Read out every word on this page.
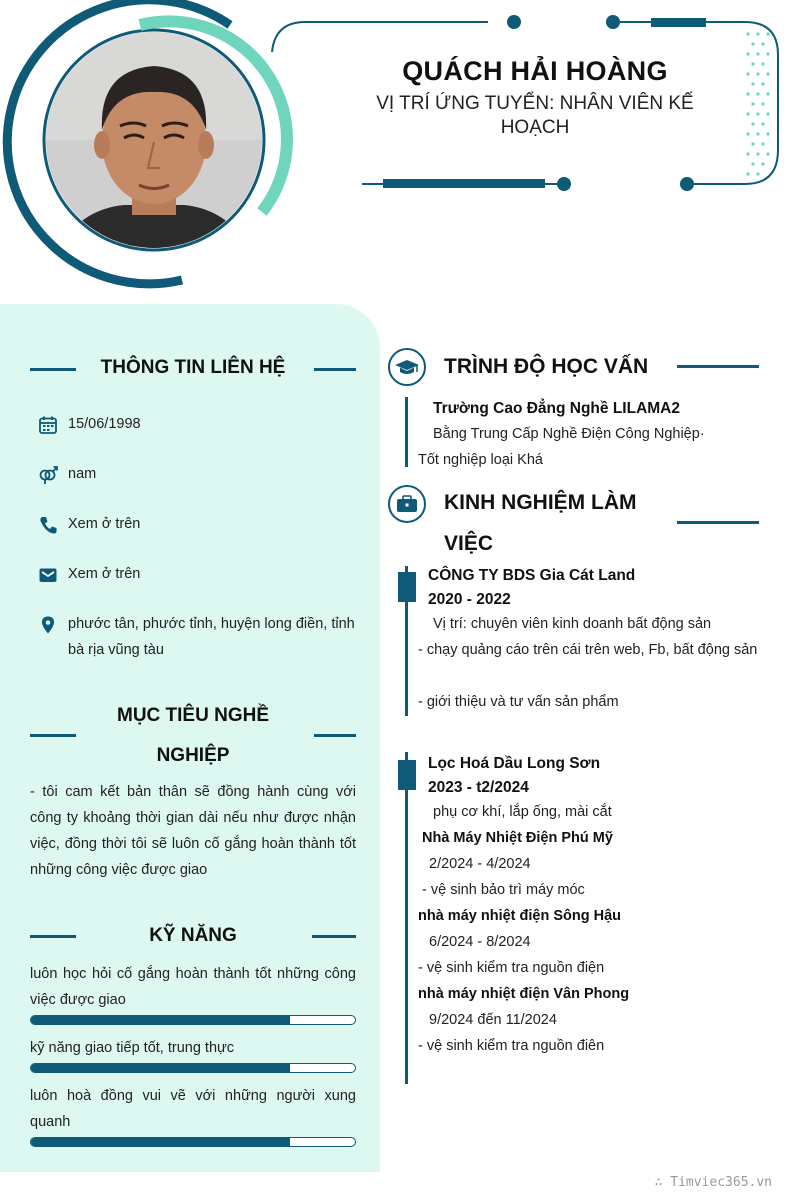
QUÁCH HẢI HOÀNG
VỊ TRÍ ỨNG TUYỂN: NHÂN VIÊN KẾ HOẠCH
THÔNG TIN LIÊN HỆ
15/06/1998
nam
Xem ở trên
Xem ở trên
phước tân, phước tỉnh, huyện long điền, tỉnh bà rịa vũng tàu
MỤC TIÊU NGHỀ
NGHIỆP
- tôi cam kết bản thân sẽ đồng hành cùng với công ty khoảng thời gian dài nếu như được nhận việc, đồng thời tôi sẽ luôn cố gắng hoàn thành tốt những công việc được giao
KỸ NĂNG
luôn học hỏi cố gắng hoàn thành tốt những công việc được giao
kỹ năng giao tiếp tốt, trung thực
luôn hoà đồng vui vẽ với những người xung quanh
TRÌNH ĐỘ HỌC VẤN
Trường Cao Đẳng Nghề LILAMA2
Bằng Trung Cấp Nghề Điện Công Nghiệp·
Tốt nghiệp loại Khá
KINH NGHIỆM LÀM
VIỆC
CÔNG TY BDS Gia Cát Land
2020 - 2022
Vị trí: chuyên viên kinh doanh bất động sản
- chạy quảng cáo trên cái trên web, Fb, bất động sản
- giới thiệu và tư vấn sản phẩm
Lọc Hoá Dầu Long Sơn
2023 - t2/2024
phụ cơ khí, lắp ống, mài cắt
Nhà Máy Nhiệt Điện Phú Mỹ
2/2024 - 4/2024
- vệ sinh bảo trì máy móc
nhà máy nhiệt điện Sông Hậu
6/2024 - 8/2024
- vệ sinh kiểm tra nguồn điện
nhà máy nhiệt điện Vân Phong
9/2024 đến 11/2024
- vệ sinh kiểm tra nguồn điên
∴ Timviec365.vn
